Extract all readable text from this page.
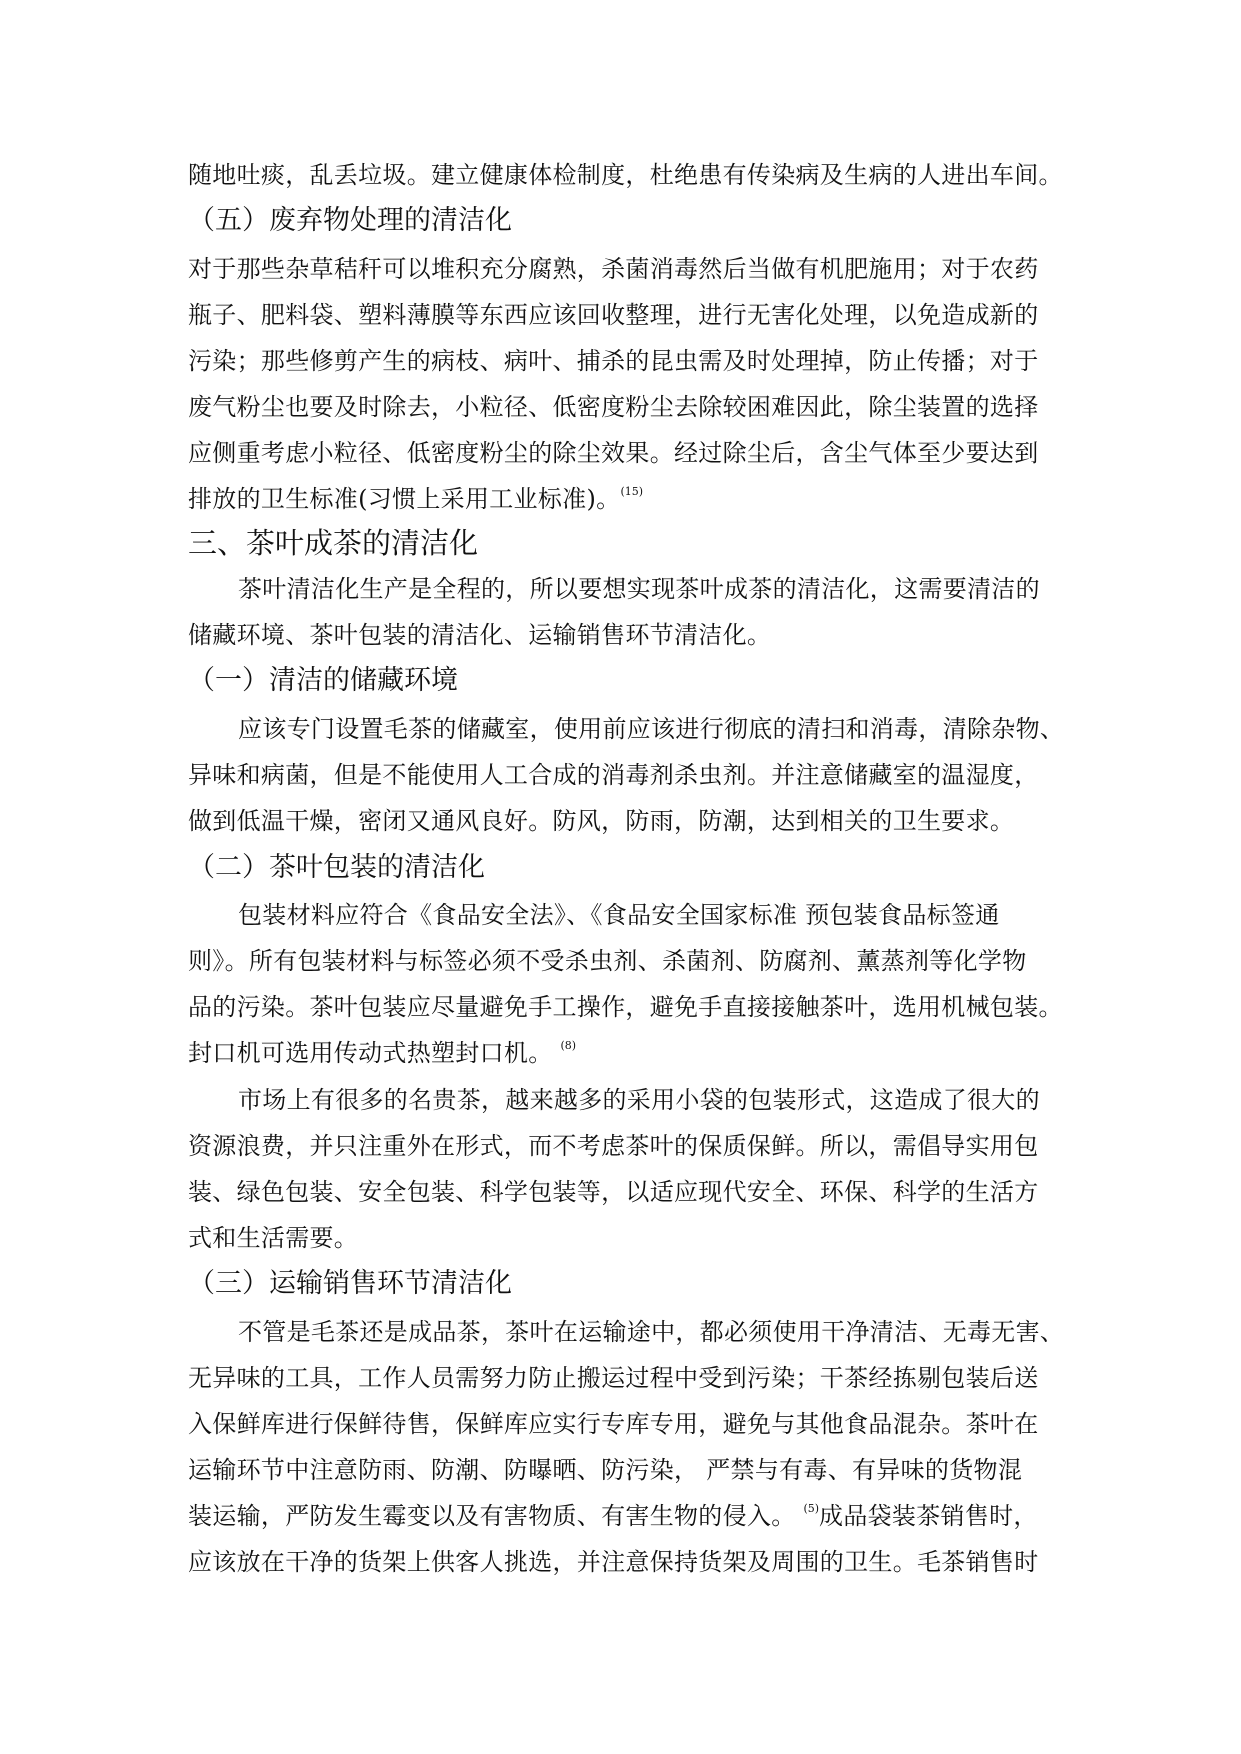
随地吐痰，乱丢垃圾。建立健康体检制度，杜绝患有传染病及生病的人进出车间。
（五）废弃物处理的清洁化
对于那些杂草秸秆可以堆积充分腐熟，杀菌消毒然后当做有机肥施用；对于农药
瓶子、肥料袋、塑料薄膜等东西应该回收整理，进行无害化处理，以免造成新的
污染；那些修剪产生的病枝、病叶、捕杀的昆虫需及时处理掉，防止传播；对于
废气粉尘也要及时除去，小粒径、低密度粉尘去除较困难因此，除尘装置的选择
应侧重考虑小粒径、低密度粉尘的除尘效果。经过除尘后，含尘气体至少要达到
排放的卫生标准(习惯上采用工业标准)。$^{(15)}$
三、茶叶成茶的清洁化
茶叶清洁化生产是全程的，所以要想实现茶叶成茶的清洁化，这需要清洁的
储藏环境、茶叶包装的清洁化、运输销售环节清洁化。
（一）清洁的储藏环境
应该专门设置毛茶的储藏室，使用前应该进行彻底的清扫和消毒，清除杂物、
异味和病菌，但是不能使用人工合成的消毒剂杀虫剂。并注意储藏室的温湿度，
做到低温干燥，密闭又通风良好。防风，防雨，防潮，达到相关的卫生要求。
（二）茶叶包装的清洁化
包装材料应符合《食品安全法》、《食品安全国家标准 预包装食品标签通
则》。所有包装材料与标签必须不受杀虫剂、杀菌剂、防腐剂、薰蒸剂等化学物
品的污染。茶叶包装应尽量避免手工操作，避免手直接接触茶叶，选用机械包装。
封口机可选用传动式热塑封口机。 $^{(8)}$
市场上有很多的名贵茶，越来越多的采用小袋的包装形式，这造成了很大的
资源浪费，并只注重外在形式，而不考虑茶叶的保质保鲜。所以，需倡导实用包
装、绿色包装、安全包装、科学包装等，以适应现代安全、环保、科学的生活方
式和生活需要。
（三）运输销售环节清洁化
不管是毛茶还是成品茶，茶叶在运输途中，都必须使用干净清洁、无毒无害、
无异味的工具，工作人员需努力防止搬运过程中受到污染；干茶经拣剔包装后送
入保鲜库进行保鲜待售，保鲜库应实行专库专用，避免与其他食品混杂。茶叶在
运输环节中注意防雨、防潮、防曝晒、防污染， 严禁与有毒、有异味的货物混
装运输，严防发生霉变以及有害物质、有害生物的侵入。 $^{(5)}$成品袋装茶销售时，
应该放在干净的货架上供客人挑选，并注意保持货架及周围的卫生。毛茶销售时
